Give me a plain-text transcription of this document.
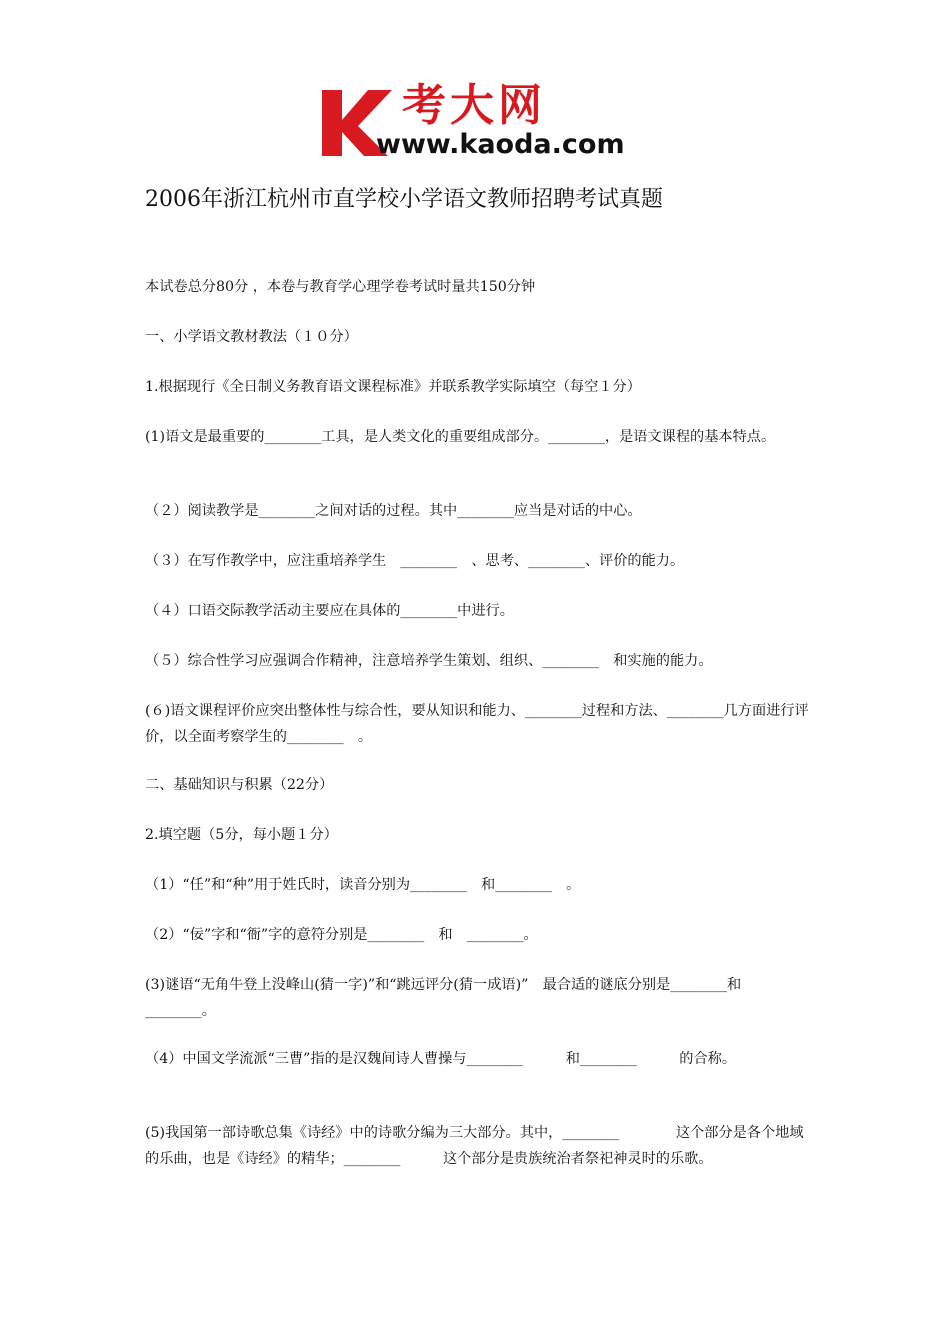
考大网
www.kaoda.com
2006年浙江杭州市直学校小学语文教师招聘考试真题
本试卷总分80分 ，本卷与教育学心理学卷考试时量共150分钟
一、小学语文教材教法（１０分）
1.根据现行《全日制义务教育语文课程标准》并联系教学实际填空（每空１分）
(1)语文是最重要的________工具，是人类文化的重要组成部分。________，是语文课程的基本特点。
（２）阅读教学是________之间对话的过程。其中________应当是对话的中心。
（３）在写作教学中，应注重培养学生　________　、思考、________、评价的能力。
（４）口语交际教学活动主要应在具体的________中进行。
（５）综合性学习应强调合作精神，注意培养学生策划、组织、________　和实施的能力。
(６)语文课程评价应突出整体性与综合性，要从知识和能力、________过程和方法、________几方面进行评价，以全面考察学生的________　。
二、基础知识与积累（22分）
2.填空题（5分，每小题１分）
（1）“任”和“种”用于姓氏时，读音分别为________　和________　。
（2）“佞”字和“衙”字的意符分别是________　和　________。
(3)谜语“无角牛登上没峰山(猜一字)”和“跳远评分(猜一成语)”　最合适的谜底分别是________和________。
（4）中国文学流派“三曹”指的是汉魏间诗人曹操与________　　　和________　　　的合称。
(5)我国第一部诗歌总集《诗经》中的诗歌分编为三大部分。其中，________　　　　这个部分是各个地域的乐曲，也是《诗经》的精华；________　　　这个部分是贵族统治者祭祀神灵时的乐歌。
